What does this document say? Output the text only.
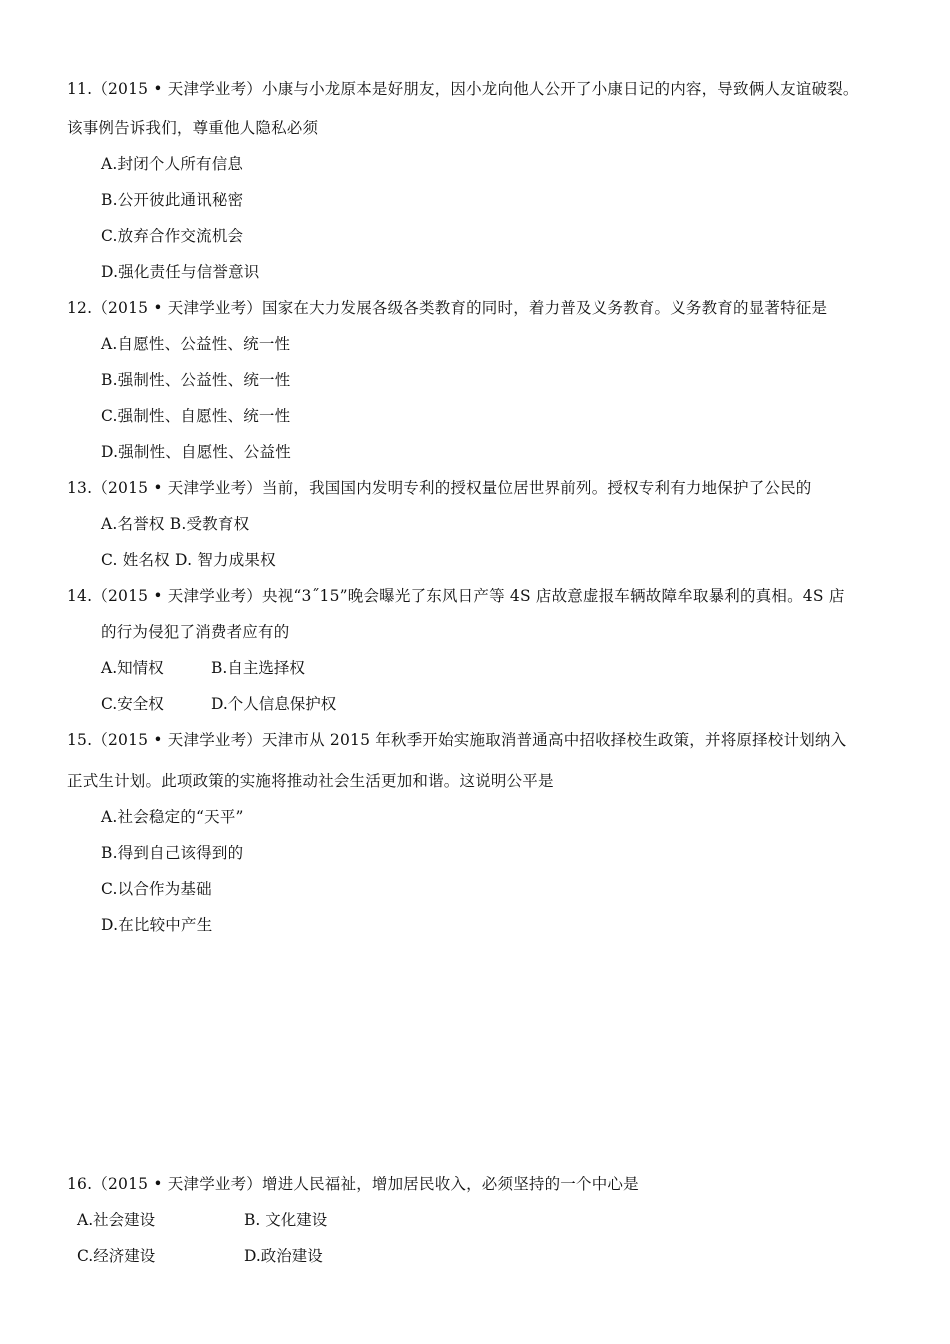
11.（2015 • 天津学业考）小康与小龙原本是好朋友，因小龙向他人公开了小康日记的内容，导致俩人友谊破裂。
该事例告诉我们，尊重他人隐私必须
A.封闭个人所有信息
B.公开彼此通讯秘密
C.放弃合作交流机会
D.强化责任与信誉意识
12.（2015 • 天津学业考）国家在大力发展各级各类教育的同时，着力普及义务教育。义务教育的显著特征是
A.自愿性、公益性、统一性
B.强制性、公益性、统一性
C.强制性、自愿性、统一性
D.强制性、自愿性、公益性
13.（2015 • 天津学业考）当前，我国国内发明专利的授权量位居世界前列。授权专利有力地保护了公民的
A.名誉权 B.受教育权
C. 姓名权 D. 智力成果权
14.（2015 • 天津学业考）央视“3˝15”晚会曝光了东风日产等 4S 店故意虚报车辆故障牟取暴利的真相。4S 店
的行为侵犯了消费者应有的
A.知情权	B.自主选择权
C.安全权	D.个人信息保护权
15.（2015 • 天津学业考）天津市从 2015 年秋季开始实施取消普通高中招收择校生政策，并将原择校计划纳入
正式生计划。此项政策的实施将推动社会生活更加和谐。这说明公平是
A.社会稳定的“天平”
B.得到自己该得到的
C.以合作为基础
D.在比较中产生
16.（2015 • 天津学业考）增进人民福祉，增加居民收入，必须坚持的一个中心是
A.社会建设	B. 文化建设
C.经济建设	D.政治建设
